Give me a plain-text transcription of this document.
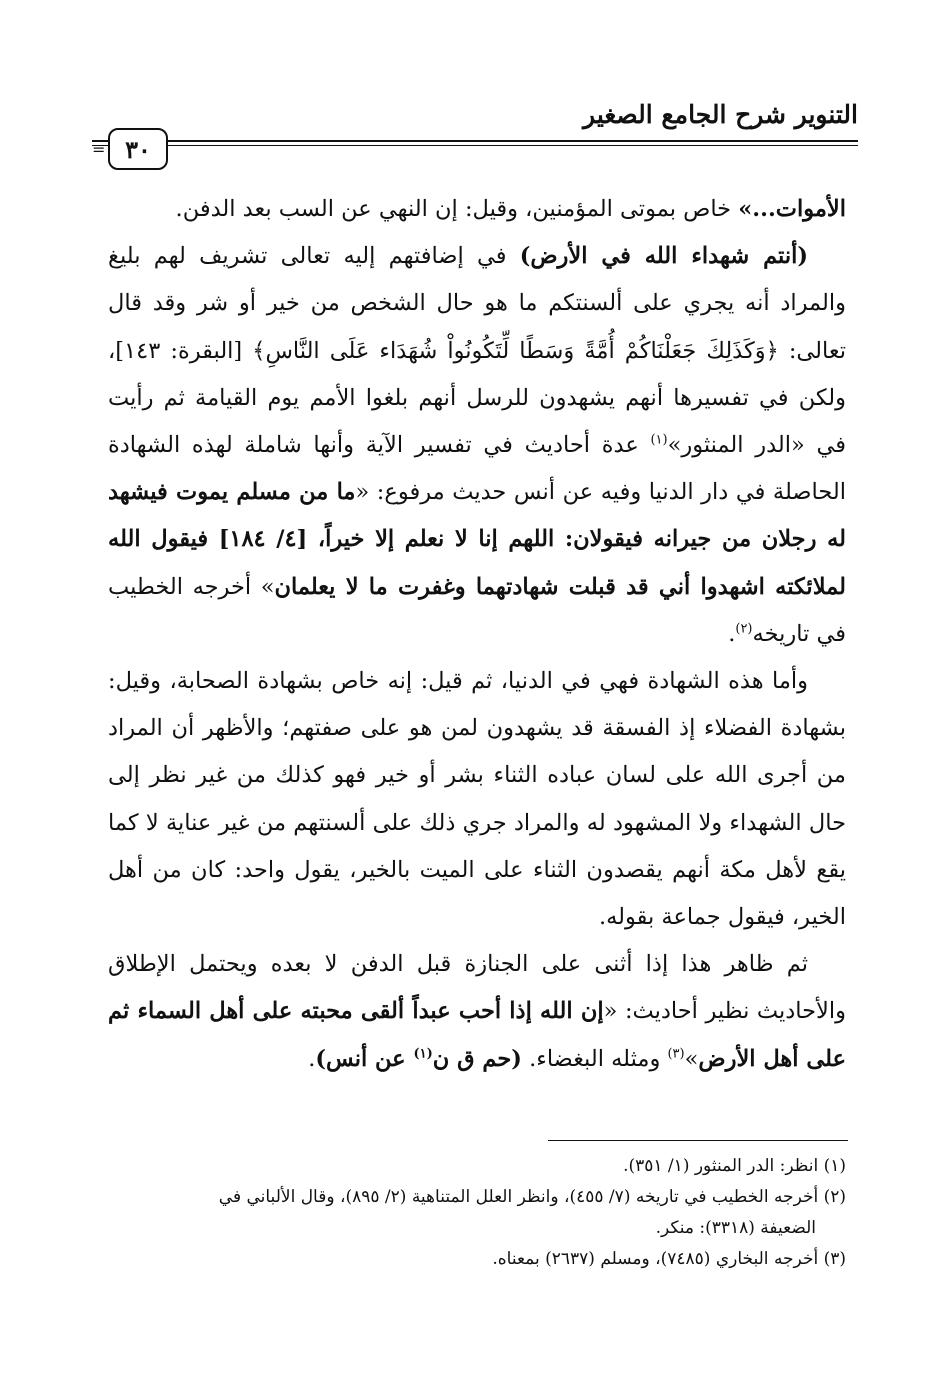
التنوير شرح الجامع الصغير
= ٣٠

الأموات...» خاص بموتى المؤمنين، وقيل: إن النهي عن السب بعد الدفن.

(أنتم شهداء الله في الأرض) في إضافتهم إليه تعالى تشريف لهم بليغ والمراد أنه يجري على ألسنتكم ما هو حال الشخص من خير أو شر وقد قال تعالى: ﴿وَكَذَلِكَ جَعَلْنَاكُمْ أُمَّةً وَسَطًا لِّتَكُونُواْ شُهَدَاء عَلَى النَّاسِ﴾ [البقرة: ١٤٣]، ولكن في تفسيرها أنهم يشهدون للرسل أنهم بلغوا الأمم يوم القيامة ثم رأيت في «الدر المنثور»$^{(١)}$ عدة أحاديث في تفسير الآية وأنها شاملة لهذه الشهادة الحاصلة في دار الدنيا وفيه عن أنس حديث مرفوع: «ما من مسلم يموت فيشهد له رجلان من جيرانه فيقولان: اللهم إنا لا نعلم إلا خيراً، [٤/ ١٨٤] فيقول الله لملائكته اشهدوا أني قد قبلت شهادتهما وغفرت ما لا يعلمان» أخرجه الخطيب في تاريخه$^{(٢)}$.

وأما هذه الشهادة فهي في الدنيا، ثم قيل: إنه خاص بشهادة الصحابة، وقيل: بشهادة الفضلاء إذ الفسقة قد يشهدون لمن هو على صفتهم؛ والأظهر أن المراد من أجرى الله على لسان عباده الثناء بشر أو خير فهو كذلك من غير نظر إلى حال الشهداء ولا المشهود له والمراد جري ذلك على ألسنتهم من غير عناية لا كما يقع لأهل مكة أنهم يقصدون الثناء على الميت بالخير، يقول واحد: كان من أهل الخير، فيقول جماعة بقوله.

ثم ظاهر هذا إذا أثنى على الجنازة قبل الدفن لا بعده ويحتمل الإطلاق والأحاديث نظير أحاديث: «إن الله إذا أحب عبداً ألقى محبته على أهل السماء ثم على أهل الأرض»$^{(٣)}$ ومثله البغضاء. (حم ق ن$^{(١)}$ عن أنس).

(١) انظر: الدر المنثور (١/ ٣٥١).

(٢) أخرجه الخطيب في تاريخه (٧/ ٤٥٥)، وانظر العلل المتناهية (٢/ ٨٩٥)، وقال الألباني في

الضعيفة (٣٣١٨): منكر.

(٣) أخرجه البخاري (٧٤٨٥)، ومسلم (٢٦٣٧) بمعناه.
